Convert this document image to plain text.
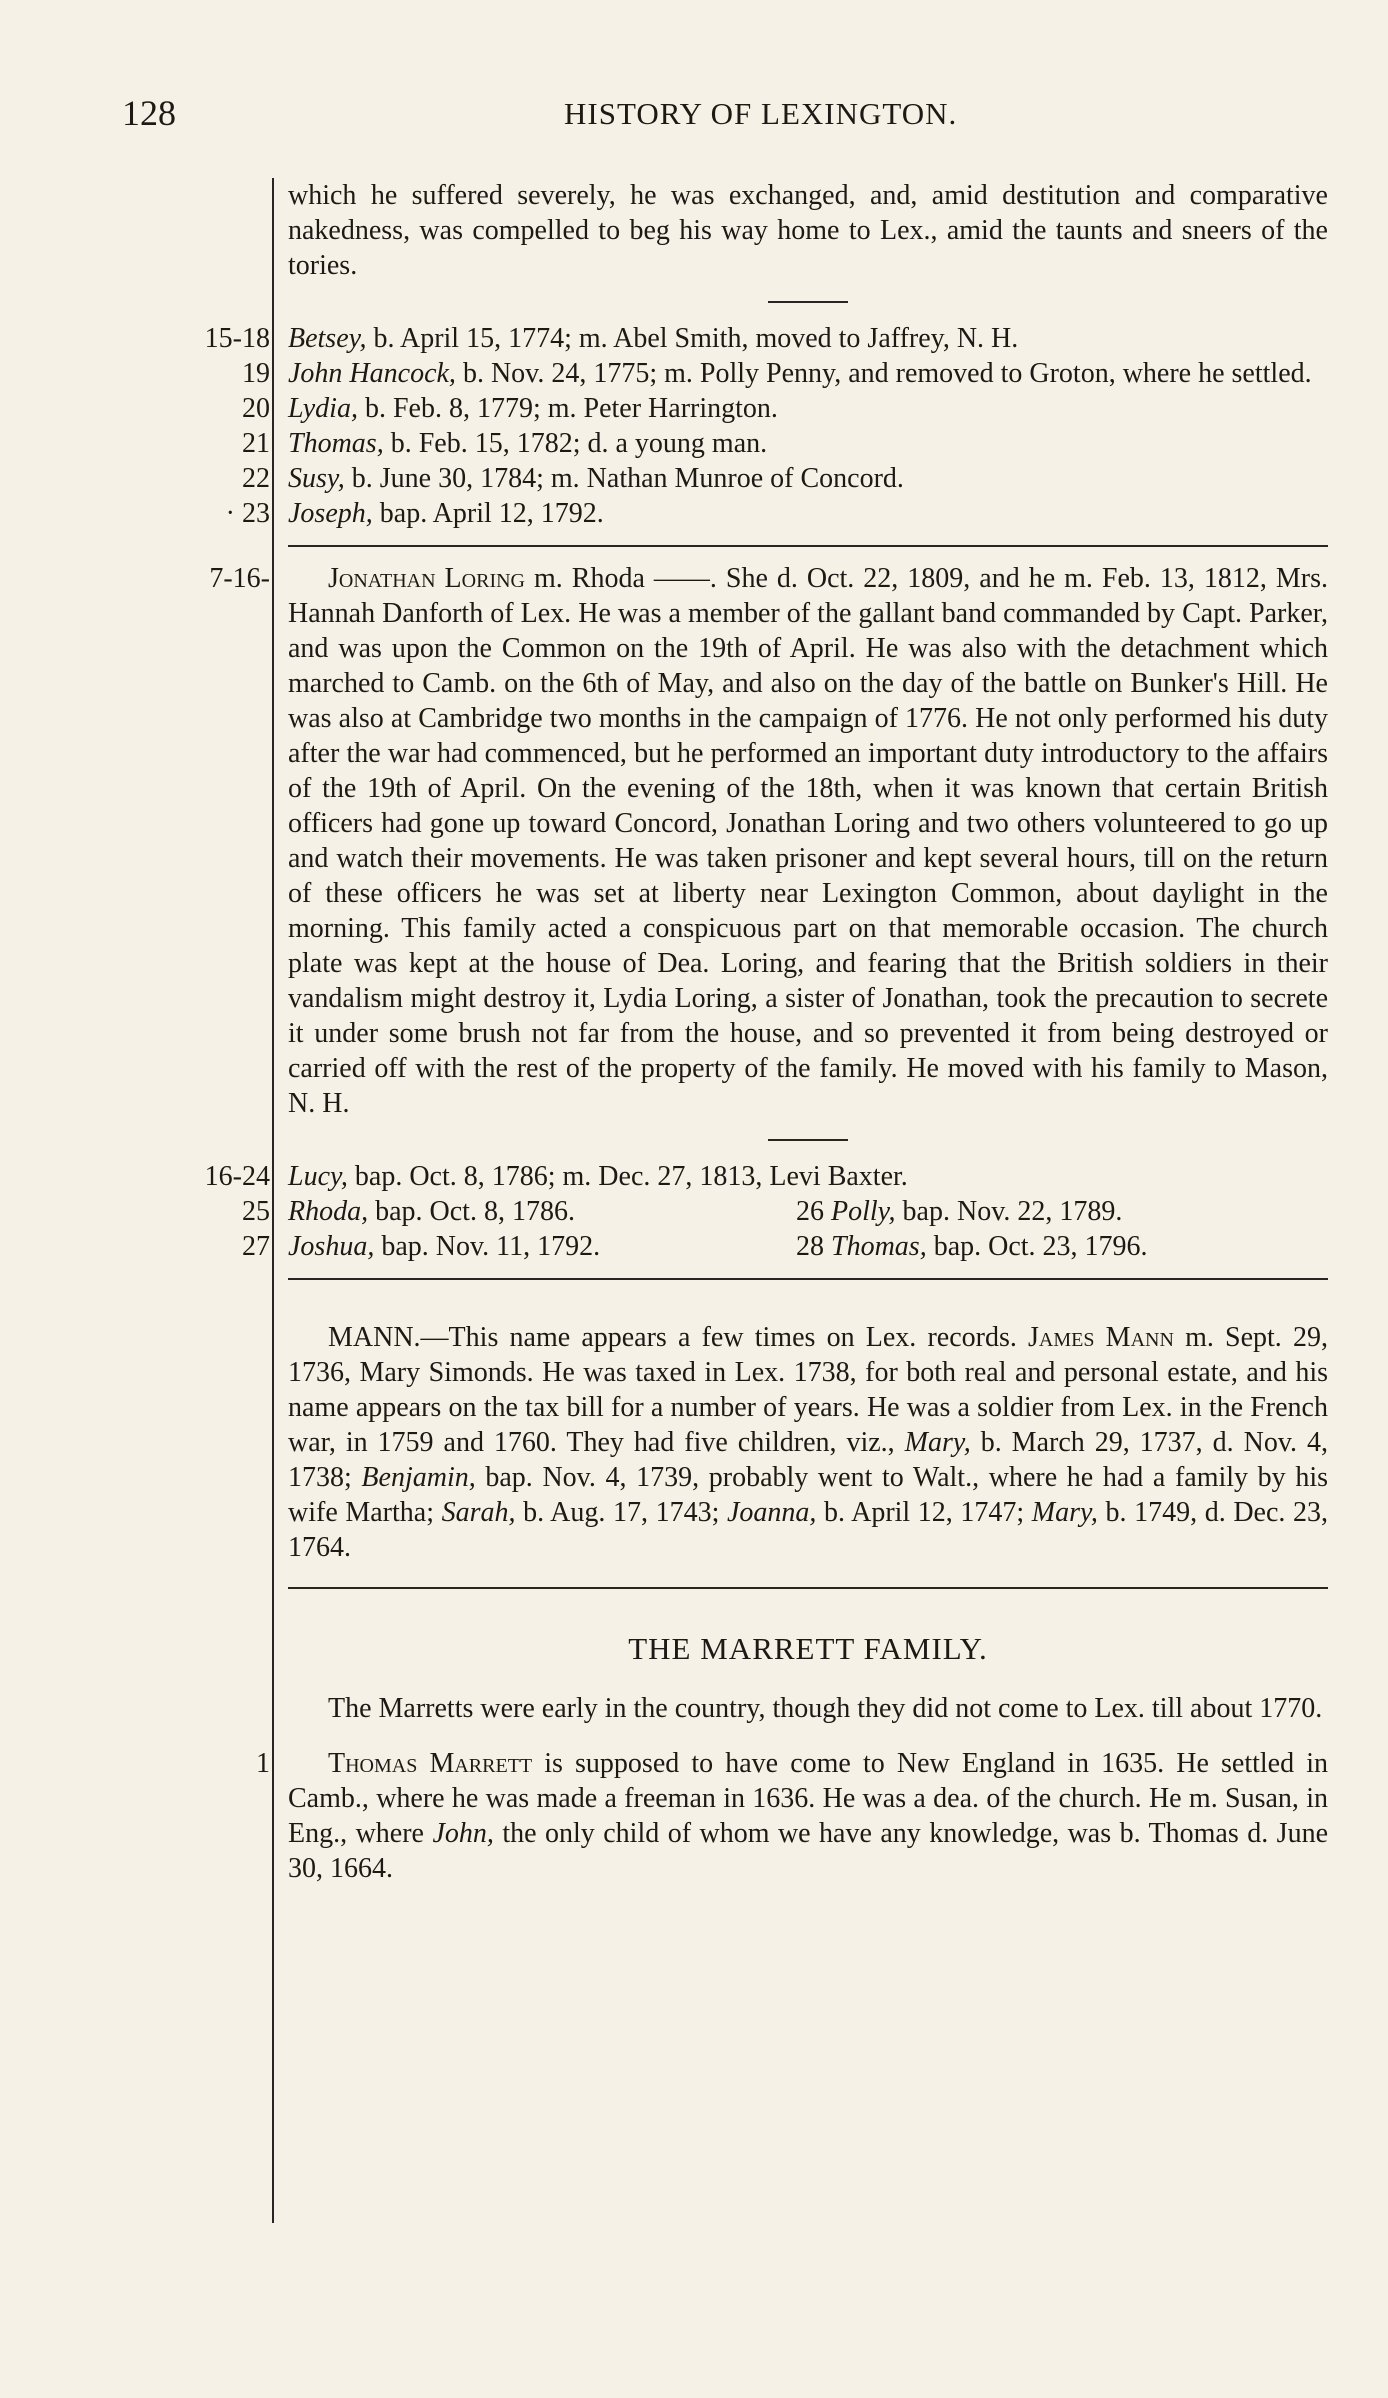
128	HISTORY OF LEXINGTON.

which he suffered severely, he was exchanged, and, amid destitution and comparative nakedness, was compelled to beg his way home to Lex., amid the taunts and sneers of the tories.

15-18 Betsey, b. April 15, 1774; m. Abel Smith, moved to Jaffrey, N. H.

19 John Hancock, b. Nov. 24, 1775; m. Polly Penny, and removed to Groton, where he settled.

20 Lydia, b. Feb. 8, 1779; m. Peter Harrington.

21 Thomas, b. Feb. 15, 1782; d. a young man.

22 Susy, b. June 30, 1784; m. Nathan Munroe of Concord.

· 23 Joseph, bap. April 12, 1792.

7-16-	Jonathan Loring m. Rhoda ——. She d. Oct. 22, 1809, and he m. Feb. 13, 1812, Mrs. Hannah Danforth of Lex. He was a member of the gallant band commanded by Capt. Parker, and was upon the Common on the 19th of April. He was also with the detachment which marched to Camb. on the 6th of May, and also on the day of the battle on Bunker's Hill. He was also at Cambridge two months in the campaign of 1776. He not only performed his duty after the war had commenced, but he performed an important duty introductory to the affairs of the 19th of April. On the evening of the 18th, when it was known that certain British officers had gone up toward Concord, Jonathan Loring and two others volunteered to go up and watch their movements. He was taken prisoner and kept several hours, till on the return of these officers he was set at liberty near Lexington Common, about daylight in the morning. This family acted a conspicuous part on that memorable occasion. The church plate was kept at the house of Dea. Loring, and fearing that the British soldiers in their vandalism might destroy it, Lydia Loring, a sister of Jonathan, took the precaution to secrete it under some brush not far from the house, and so prevented it from being destroyed or carried off with the rest of the property of the family. He moved with his family to Mason, N. H.

16-24 Lucy, bap. Oct. 8, 1786; m. Dec. 27, 1813, Levi Baxter.

25 Rhoda, bap. Oct. 8, 1786.	26 Polly, bap. Nov. 22, 1789.
27 Joshua, bap. Nov. 11, 1792.	28 Thomas, bap. Oct. 23, 1796.

MANN.—This name appears a few times on Lex. records. James Mann m. Sept. 29, 1736, Mary Simonds. He was taxed in Lex. 1738, for both real and personal estate, and his name appears on the tax bill for a number of years. He was a soldier from Lex. in the French war, in 1759 and 1760. They had five children, viz., Mary, b. March 29, 1737, d. Nov. 4, 1738; Benjamin, bap. Nov. 4, 1739, probably went to Walt., where he had a family by his wife Martha; Sarah, b. Aug. 17, 1743; Joanna, b. April 12, 1747; Mary, b. 1749, d. Dec. 23, 1764.

THE MARRETT FAMILY.

The Marretts were early in the country, though they did not come to Lex. till about 1770.

1	Thomas Marrett is supposed to have come to New England in 1635. He settled in Camb., where he was made a freeman in 1636. He was a dea. of the church. He m. Susan, in Eng., where John, the only child of whom we have any knowledge, was b. Thomas d. June 30, 1664.
